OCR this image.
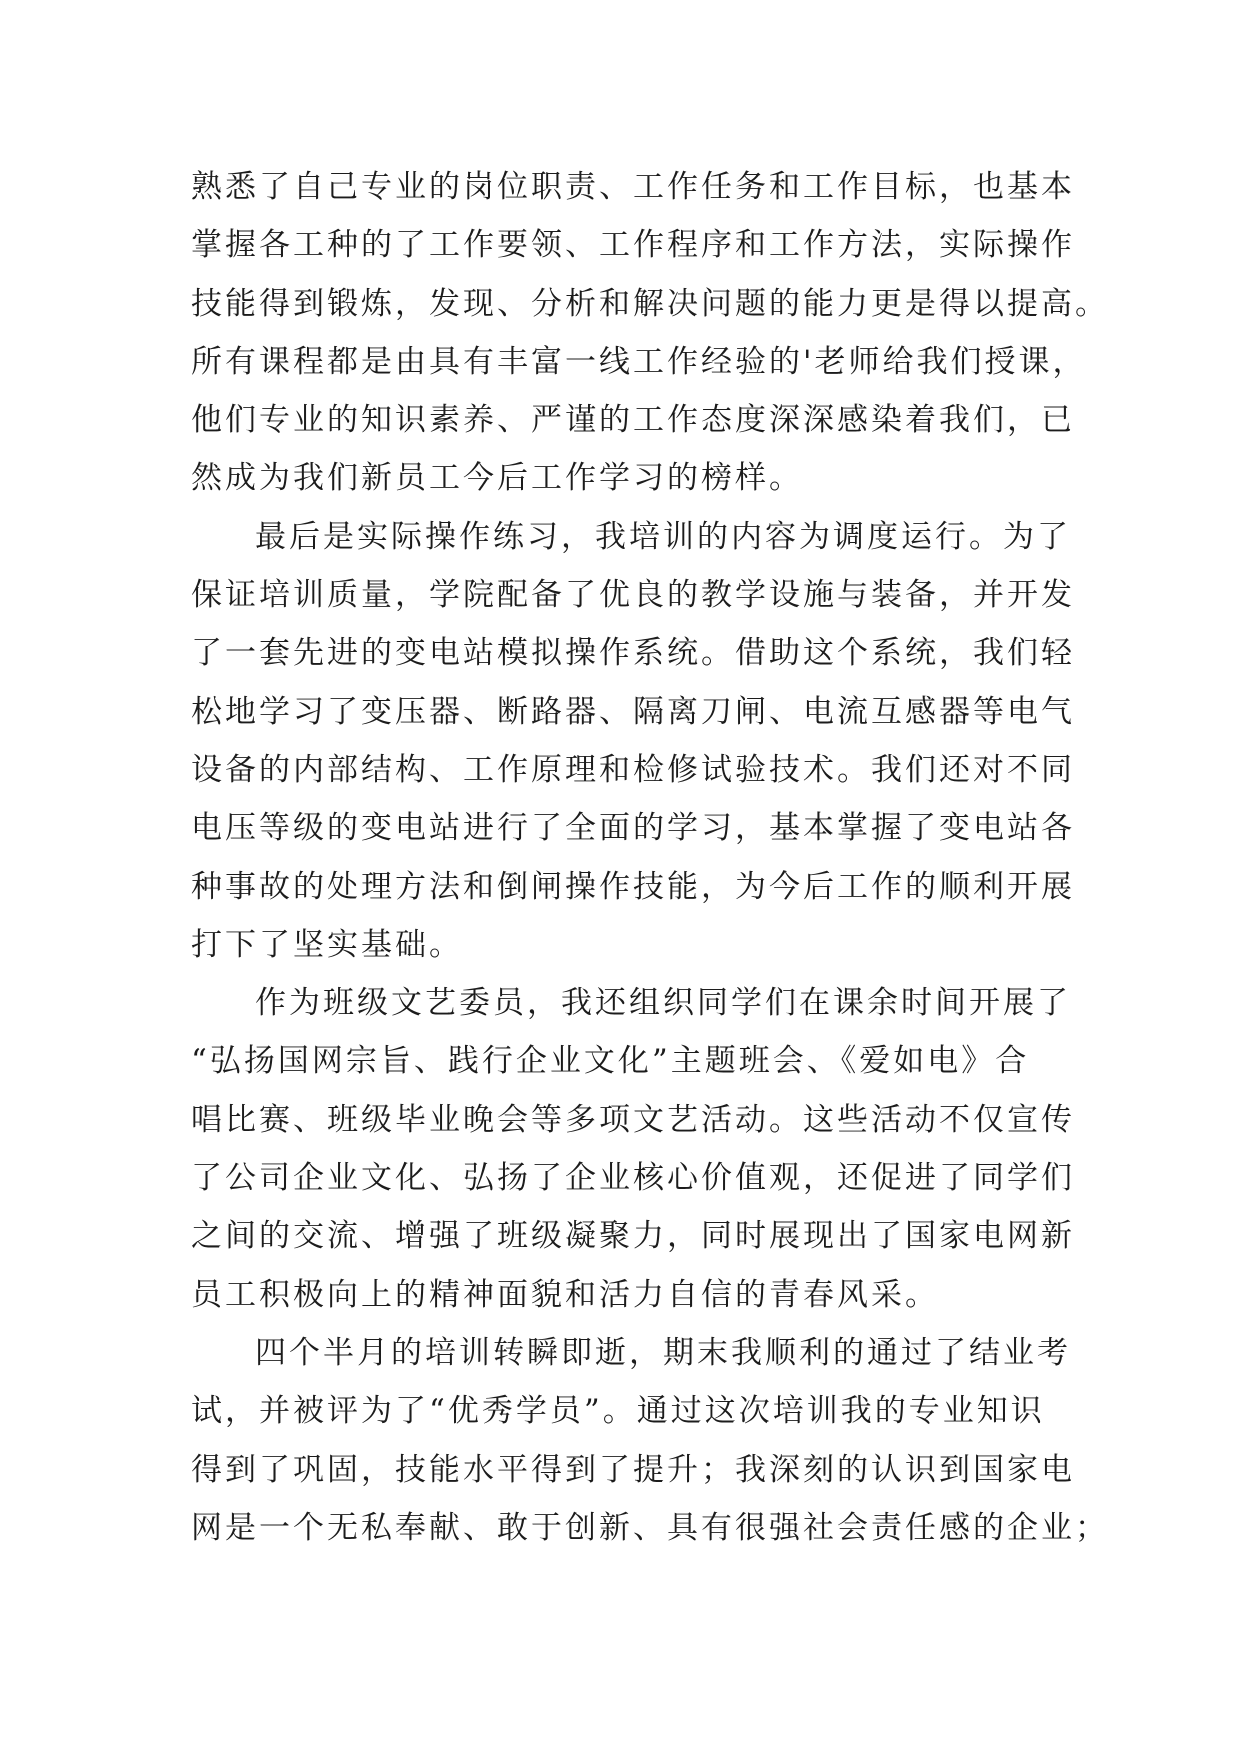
熟悉了自己专业的岗位职责、工作任务和工作目标，也基本
掌握各工种的了工作要领、工作程序和工作方法，实际操作
技能得到锻炼，发现、分析和解决问题的能力更是得以提高。
所有课程都是由具有丰富一线工作经验的'老师给我们授课，
他们专业的知识素养、严谨的工作态度深深感染着我们，已
然成为我们新员工今后工作学习的榜样。
最后是实际操作练习，我培训的内容为调度运行。为了
保证培训质量，学院配备了优良的教学设施与装备，并开发
了一套先进的变电站模拟操作系统。借助这个系统，我们轻
松地学习了变压器、断路器、隔离刀闸、电流互感器等电气
设备的内部结构、工作原理和检修试验技术。我们还对不同
电压等级的变电站进行了全面的学习，基本掌握了变电站各
种事故的处理方法和倒闸操作技能，为今后工作的顺利开展
打下了坚实基础。
作为班级文艺委员，我还组织同学们在课余时间开展了
“弘扬国网宗旨、践行企业文化”主题班会、《爱如电》合
唱比赛、班级毕业晚会等多项文艺活动。这些活动不仅宣传
了公司企业文化、弘扬了企业核心价值观，还促进了同学们
之间的交流、增强了班级凝聚力，同时展现出了国家电网新
员工积极向上的精神面貌和活力自信的青春风采。
四个半月的培训转瞬即逝，期末我顺利的通过了结业考
试，并被评为了“优秀学员”。通过这次培训我的专业知识
得到了巩固，技能水平得到了提升；我深刻的认识到国家电
网是一个无私奉献、敢于创新、具有很强社会责任感的企业；
